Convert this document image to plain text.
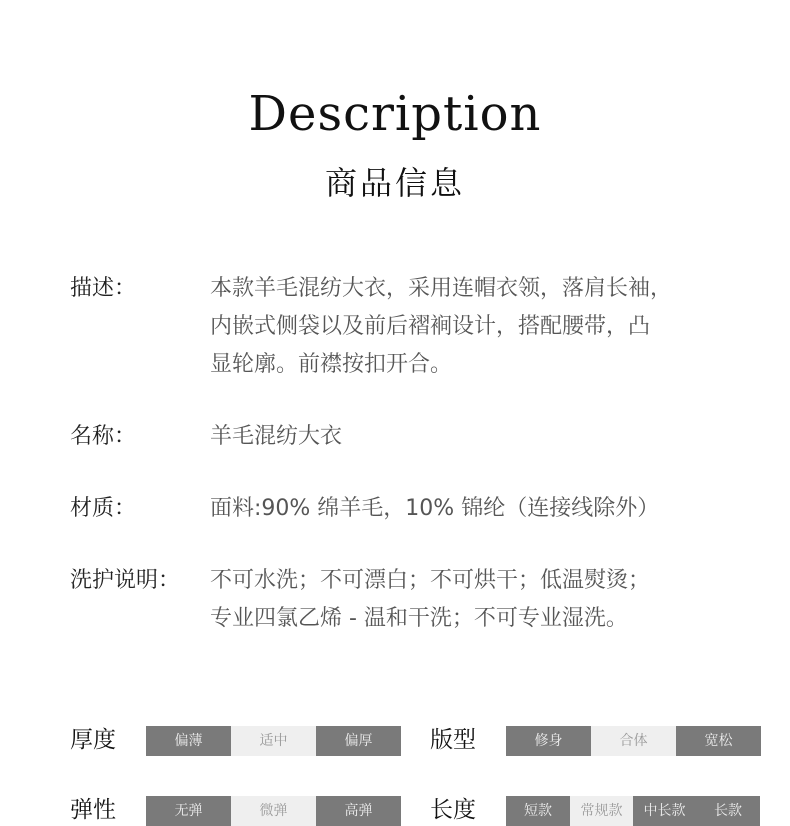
Description
商品信息
描述：	本款羊毛混纺大衣，采用连帽衣领，落肩长袖，
内嵌式侧袋以及前后褶裥设计，搭配腰带，凸
显轮廓。前襟按扣开合。
名称：	羊毛混纺大衣
材质：	面料:90% 绵羊毛，10% 锦纶（连接线除外）
洗护说明： 不可水洗；不可漂白；不可烘干；低温熨烫；
专业四氯乙烯 - 温和干洗；不可专业湿洗。
厚度	偏薄	适中	偏厚	版型	修身	合体	宽松
弹性	无弹	微弹	高弹	长度	短款	常规款	中长款	长款
